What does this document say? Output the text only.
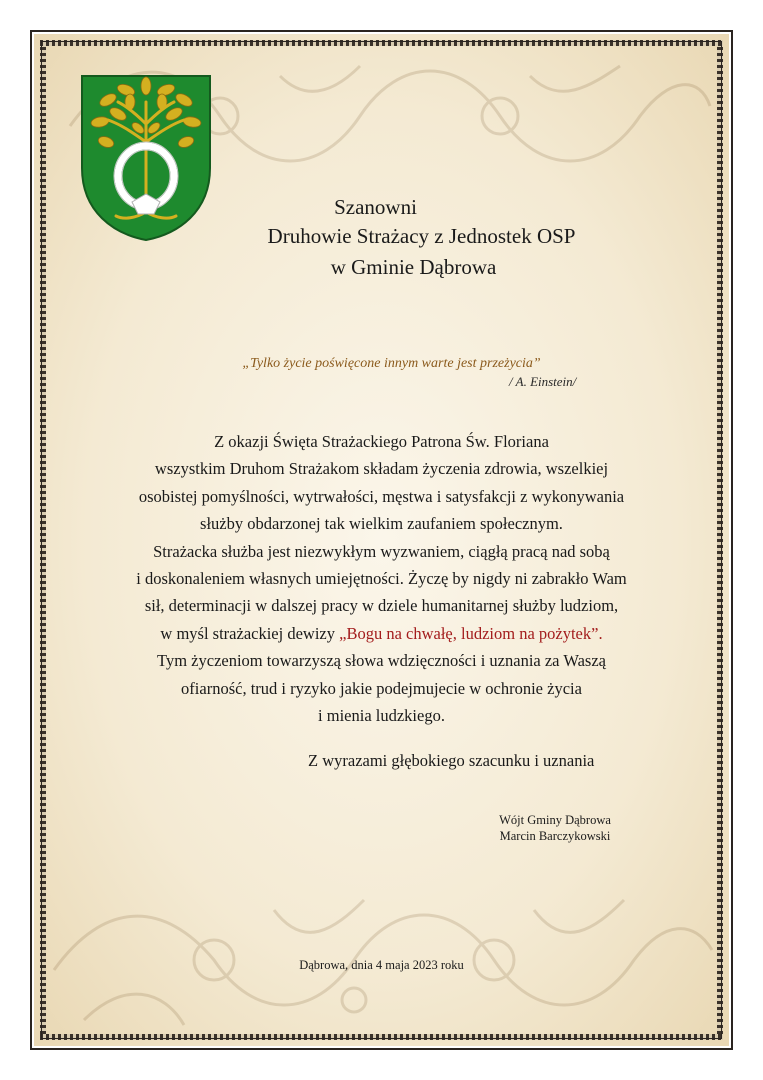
Szanowni
Druhowie Strażacy z Jednostek OSP
w Gminie Dąbrowa
„Tylko życie poświęcone innym warte jest przeżycia”
/ A. Einstein/
Z okazji Święta Strażackiego Patrona Św. Floriana
wszystkim Druhom Strażakom składam życzenia zdrowia, wszelkiej
osobistej pomyślności, wytrwałości, męstwa i satysfakcji z wykonywania
służby obdarzonej tak wielkim zaufaniem społecznym.
Strażacka służba jest niezwykłym wyzwaniem, ciągłą pracą nad sobą
i doskonaleniem własnych umiejętności. Życzę by nigdy ni zabrakło Wam
sił, determinacji w dalszej pracy w dziele humanitarnej służby ludziom,
w myśl strażackiej dewizy „Bogu na chwałę, ludziom na pożytek”.
Tym życzeniom towarzyszą słowa wdzięczności i uznania za Waszą
ofiarność, trud i ryzyko jakie podejmujecie w ochronie życia
i mienia ludzkiego.
Z wyrazami głębokiego szacunku i uznania
Wójt Gminy Dąbrowa
Marcin Barczykowski
Dąbrowa, dnia 4 maja 2023 roku
